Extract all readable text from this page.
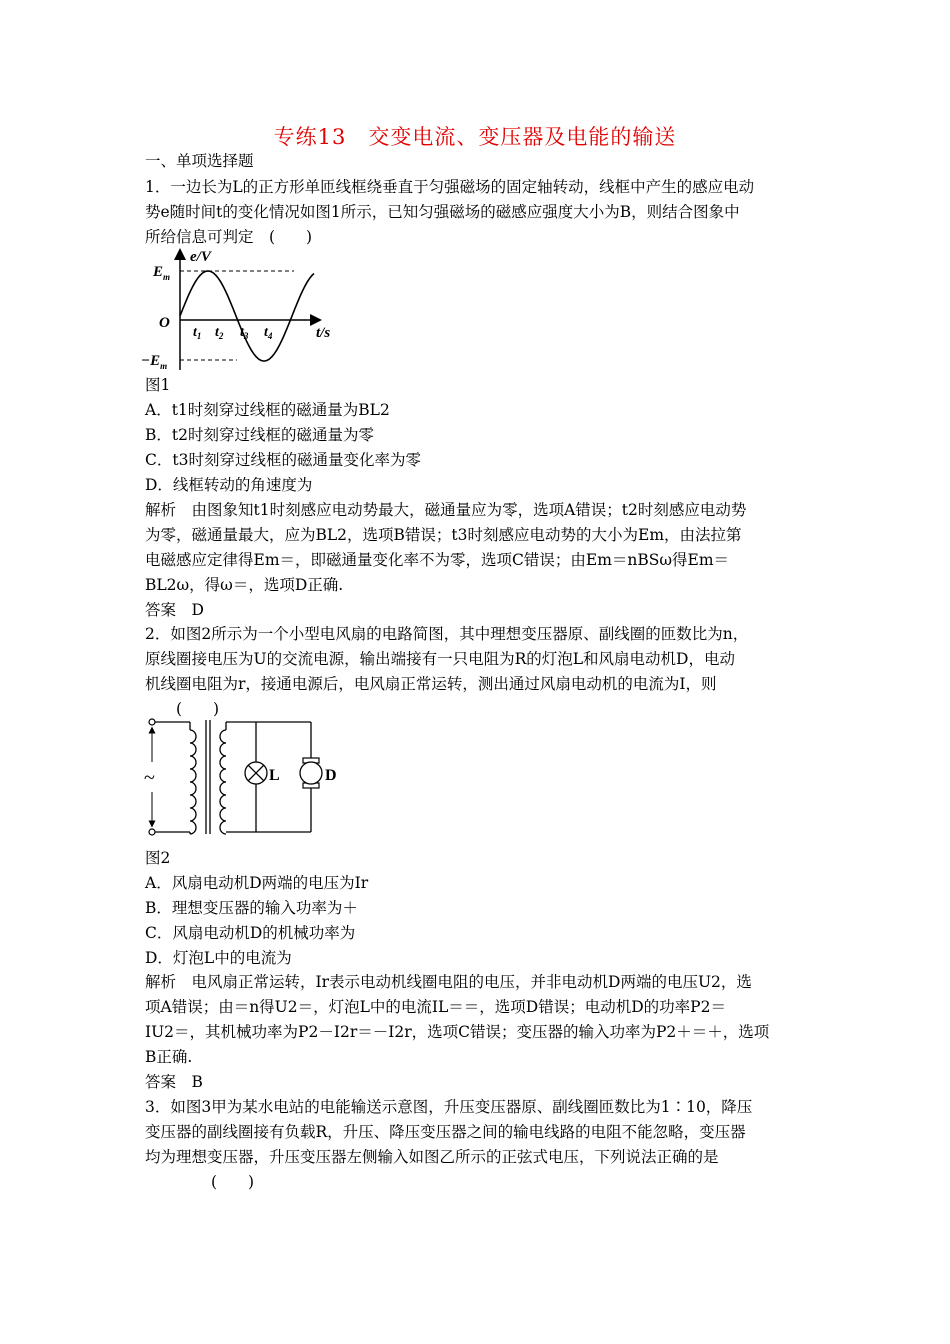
专练13　交变电流、变压器及电能的输送
一、单项选择题
1．一边长为L的正方形单匝线框绕垂直于匀强磁场的固定轴转动，线框中产生的感应电动
势e随时间t的变化情况如图1所示，已知匀强磁场的磁感应强度大小为B，则结合图象中
所给信息可判定　(　　)
e/V
$E_m$
O
$-E_m$
$t_1$ $t_2$ $t_3$ $t_4$	t/s
图1
A．t1时刻穿过线框的磁通量为BL2
B．t2时刻穿过线框的磁通量为零
C．t3时刻穿过线框的磁通量变化率为零
D．线框转动的角速度为
解析　由图象知t1时刻感应电动势最大，磁通量应为零，选项A错误；t2时刻感应电动势
为零，磁通量最大，应为BL2，选项B错误；t3时刻感应电动势的大小为Em，由法拉第
电磁感应定律得Em＝，即磁通量变化率不为零，选项C错误；由Em＝nBSω得Em＝
BL2ω，得ω＝，选项D正确.
答案　D
2．如图2所示为一个小型电风扇的电路简图，其中理想变压器原、副线圈的匝数比为n，
原线圈接电压为U的交流电源，输出端接有一只电阻为R的灯泡L和风扇电动机D，电动
机线圈电阻为r，接通电源后，电风扇正常运转，测出通过风扇电动机的电流为I，则
(　　)
~	L	D
图2
A．风扇电动机D两端的电压为Ir
B．理想变压器的输入功率为＋
C．风扇电动机D的机械功率为
D．灯泡L中的电流为
解析　电风扇正常运转，Ir表示电动机线圈电阻的电压，并非电动机D两端的电压U2，选
项A错误；由＝n得U2＝，灯泡L中的电流IL＝＝，选项D错误；电动机D的功率P2＝
IU2＝，其机械功率为P2－I2r＝－I2r，选项C错误；变压器的输入功率为P2＋＝＋，选项
B正确.
答案　B
3．如图3甲为某水电站的电能输送示意图，升压变压器原、副线圈匝数比为1∶10，降压
变压器的副线圈接有负载R，升压、降压变压器之间的输电线路的电阻不能忽略，变压器
均为理想变压器，升压变压器左侧输入如图乙所示的正弦式电压，下列说法正确的是
(　　)
